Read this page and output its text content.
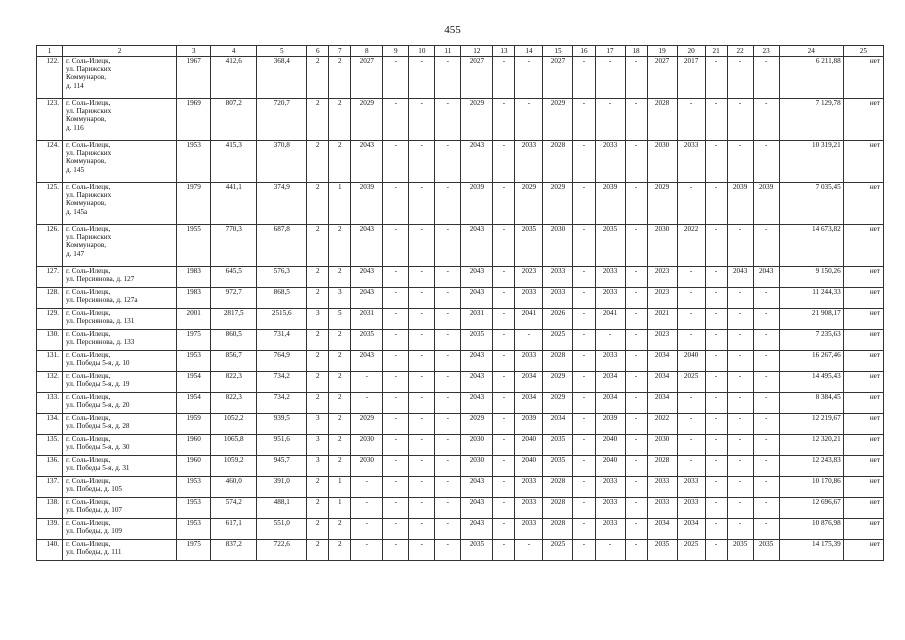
455
1	2	3	4	5	6	7	8	9	10	11	12	13	14	15	16	17	18	19	20	21	22	23	24	25
122.	г. Соль-Илецк,
ул. Парижских
Коммунаров,
д. 114	1967	412,6	368,4	2	2	2027	-	-	-	2027	-	-	2027	-	-	-	2027	2017	-	-	-	6 211,88	нет
123.	г. Соль-Илецк,
ул. Парижских
Коммунаров,
д. 116	1969	807,2	720,7	2	2	2029	-	-	-	2029	-	-	2029	-	-	-	2028	-	-	-	-	7 129,78	нет
124.	г. Соль-Илецк,
ул. Парижских
Коммунаров,
д. 145	1953	415,3	370,8	2	2	2043	-	-	-	2043	-	2033	2028	-	2033	-	2030	2033	-	-	-	10 319,21	нет
125.	г. Соль-Илецк,
ул. Парижских
Коммунаров,
д. 145а	1979	441,1	374,9	2	1	2039	-	-	-	2039	-	2029	2029	-	2039	-	2029	-	-	2039	2039	7 035,45	нет
126.	г. Соль-Илецк,
ул. Парижских
Коммунаров,
д. 147	1955	770,3	687,8	2	2	2043	-	-	-	2043	-	2035	2030	-	2035	-	2030	2022	-	-	-	14 673,82	нет
127.	г. Соль-Илецк,
ул. Персиянова, д. 127	1983	645,5	576,3	2	2	2043	-	-	-	2043	-	2023	2033	-	2033	-	2023	-	-	2043	2043	9 150,26	нет
128.	г. Соль-Илецк,
ул. Персиянова, д. 127а	1983	972,7	868,5	2	3	2043	-	-	-	2043	-	2033	2033	-	2033	-	2023	-	-	-	-	11 244,33	нет
129.	г. Соль-Илецк,
ул. Персиянова, д. 131	2001	2817,5	2515,6	3	5	2031	-	-	-	2031	-	2041	2026	-	2041	-	2021	-	-	-	-	21 908,17	нет
130.	г. Соль-Илецк,
ул. Персиянова, д. 133	1975	860,5	731,4	2	2	2035	-	-	-	2035	-	-	2025	-	-	-	2023	-	-	-	-	7 235,63	нет
131.	г. Соль-Илецк,
ул. Победы 5-я, д. 10	1953	856,7	764,9	2	2	2043	-	-	-	2043	-	2033	2028	-	2033	-	2034	2040	-	-	-	16 267,46	нет
132.	г. Соль-Илецк,
ул. Победы 5-я, д. 19	1954	822,3	734,2	2	2	-	-	-	-	2043	-	2034	2029	-	2034	-	2034	2025	-	-	-	14 495,43	нет
133.	г. Соль-Илецк,
ул. Победы 5-я, д. 20	1954	822,3	734,2	2	2	-	-	-	-	2043	-	2034	2029	-	2034	-	2034	-	-	-	-	8 384,45	нет
134.	г. Соль-Илецк,
ул. Победы 5-я, д. 28	1959	1052,2	939,5	3	2	2029	-	-	-	2029	-	2039	2034	-	2039	-	2022	-	-	-	-	12 219,67	нет
135.	г. Соль-Илецк,
ул. Победы 5-я, д. 30	1960	1065,8	951,6	3	2	2030	-	-	-	2030	-	2040	2035	-	2040	-	2030	-	-	-	-	12 320,21	нет
136.	г. Соль-Илецк,
ул. Победы 5-я, д. 31	1960	1059,2	945,7	3	2	2030	-	-	-	2030	-	2040	2035	-	2040	-	2028	-	-	-	-	12 243,83	нет
137.	г. Соль-Илецк,
ул. Победы, д. 105	1953	460,0	391,0	2	1	-	-	-	-	2043	-	2033	2028	-	2033	-	2033	2033	-	-	-	10 170,86	нет
138.	г. Соль-Илецк,
ул. Победы, д. 107	1953	574,2	488,1	2	1	-	-	-	-	2043	-	2033	2028	-	2033	-	2033	2033	-	-	-	12 696,67	нет
139.	г. Соль-Илецк,
ул. Победы, д. 109	1953	617,1	551,0	2	2	-	-	-	-	2043	-	2033	2028	-	2033	-	2034	2034	-	-	-	10 876,98	нет
140.	г. Соль-Илецк,
ул. Победы, д. 111	1975	837,2	722,6	2	2	-	-	-	-	2035	-	-	2025	-	-	-	2035	2025	-	2035	2035	14 175,39	нет
